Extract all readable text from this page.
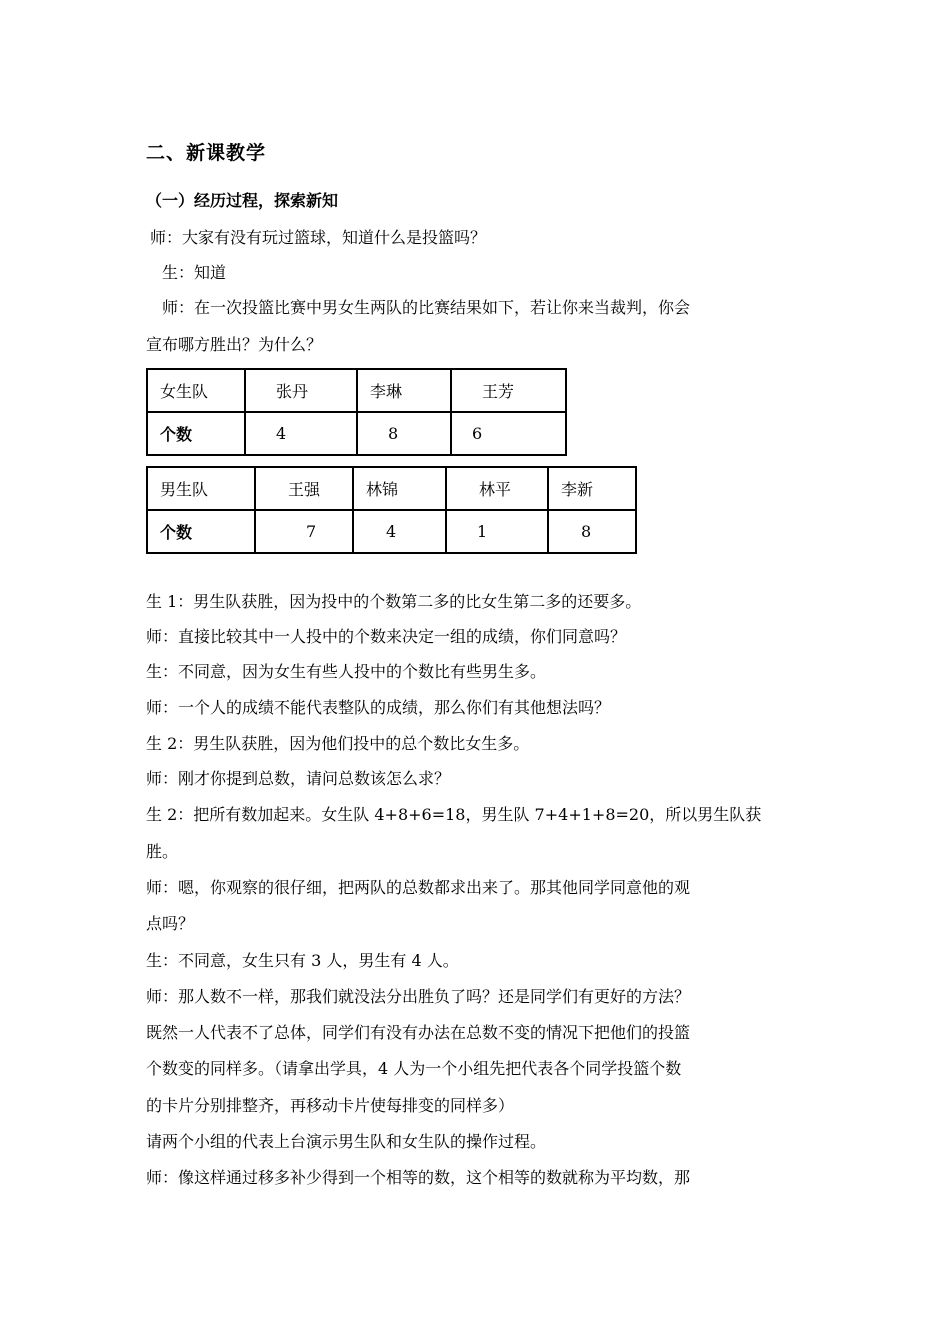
二、新课教学
（一）经历过程，探索新知
师：大家有没有玩过篮球，知道什么是投篮吗？
生：知道
师：在一次投篮比赛中男女生两队的比赛结果如下，若让你来当裁判，你会
宣布哪方胜出？为什么？
女生队	张丹	李琳	王芳
个数	4	8	6
男生队	王强	林锦	林平	李新
个数	7	4	1	8
生 1：男生队获胜，因为投中的个数第二多的比女生第二多的还要多。
师：直接比较其中一人投中的个数来决定一组的成绩，你们同意吗？
生：不同意，因为女生有些人投中的个数比有些男生多。
师：一个人的成绩不能代表整队的成绩，那么你们有其他想法吗？
生 2：男生队获胜，因为他们投中的总个数比女生多。
师：刚才你提到总数，请问总数该怎么求？
生 2：把所有数加起来。女生队 4+8+6=18，男生队 7+4+1+8=20，所以男生队获
胜。
师：嗯，你观察的很仔细，把两队的总数都求出来了。那其他同学同意他的观
点吗？
生：不同意，女生只有 3 人，男生有 4 人。
师：那人数不一样，那我们就没法分出胜负了吗？还是同学们有更好的方法？
既然一人代表不了总体，同学们有没有办法在总数不变的情况下把他们的投篮
个数变的同样多。（请拿出学具，4 人为一个小组先把代表各个同学投篮个数
的卡片分别排整齐，再移动卡片使每排变的同样多）
请两个小组的代表上台演示男生队和女生队的操作过程。
师：像这样通过移多补少得到一个相等的数，这个相等的数就称为平均数，那
